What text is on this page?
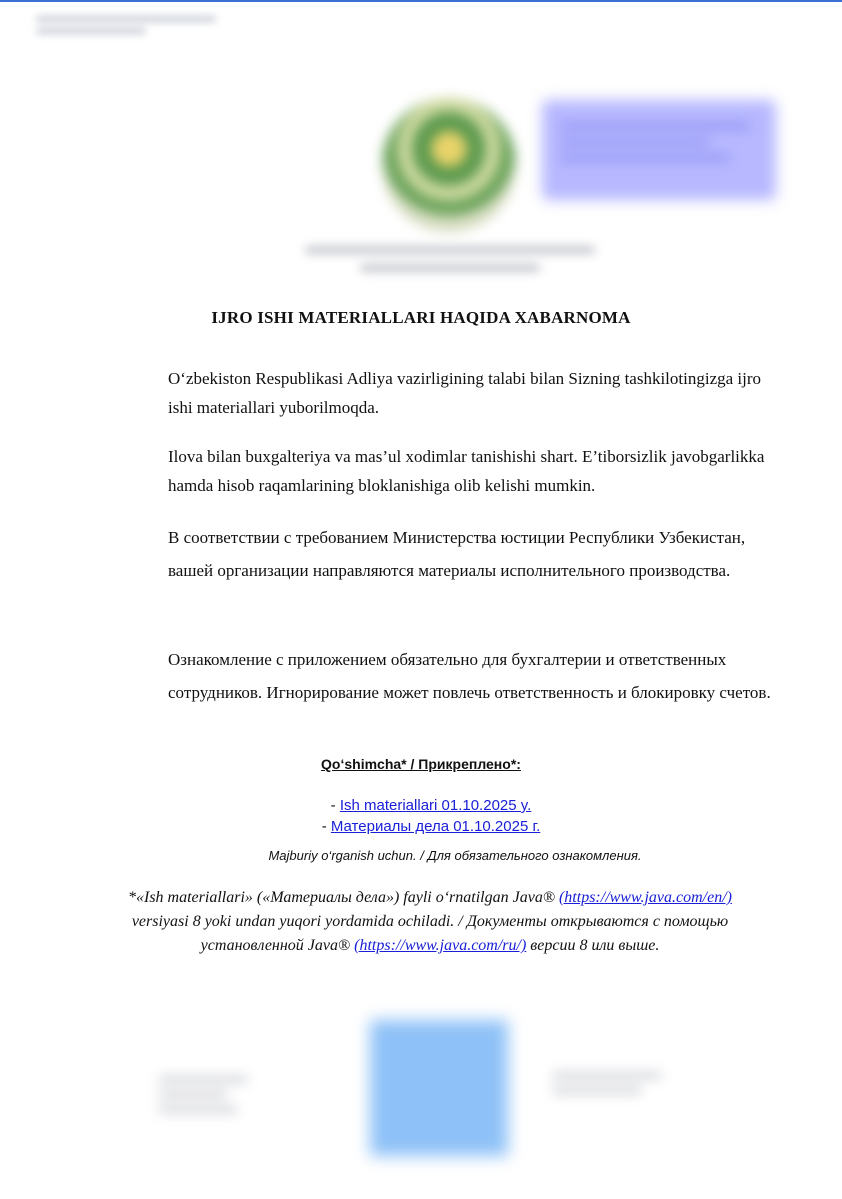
IJRO ISHI MATERIALLARI HAQIDA XABARNOMA
O‘zbekiston Respublikasi Adliya vazirligining talabi bilan Sizning tashkilotingizga ijro ishi materiallari yuborilmoqda.
Ilova bilan buxgalteriya va mas’ul xodimlar tanishishi shart. E’tiborsizlik javobgarlikka hamda hisob raqamlarining bloklanishiga olib kelishi mumkin.
В соответствии с требованием Министерства юстиции Республики Узбекистан, вашей организации направляются материалы исполнительного производства.
Ознакомление с приложением обязательно для бухгалтерии и ответственных сотрудников. Игнорирование может повлечь ответственность и блокировку счетов.
Qo‘shimcha* / Прикреплено*:
- Ish materiallari 01.10.2025 y.
- Материалы дела 01.10.2025 г.
Majburiy o‘rganish uchun. / Для обязательного ознакомления.
*«Ish materiallari» («Материалы дела») fayli o‘rnatilgan Java® (https://www.java.com/en/) versiyasi 8 yoki undan yuqori yordamida ochiladi. / Документы открываются с помощью установленной Java® (https://www.java.com/ru/) версии 8 или выше.
